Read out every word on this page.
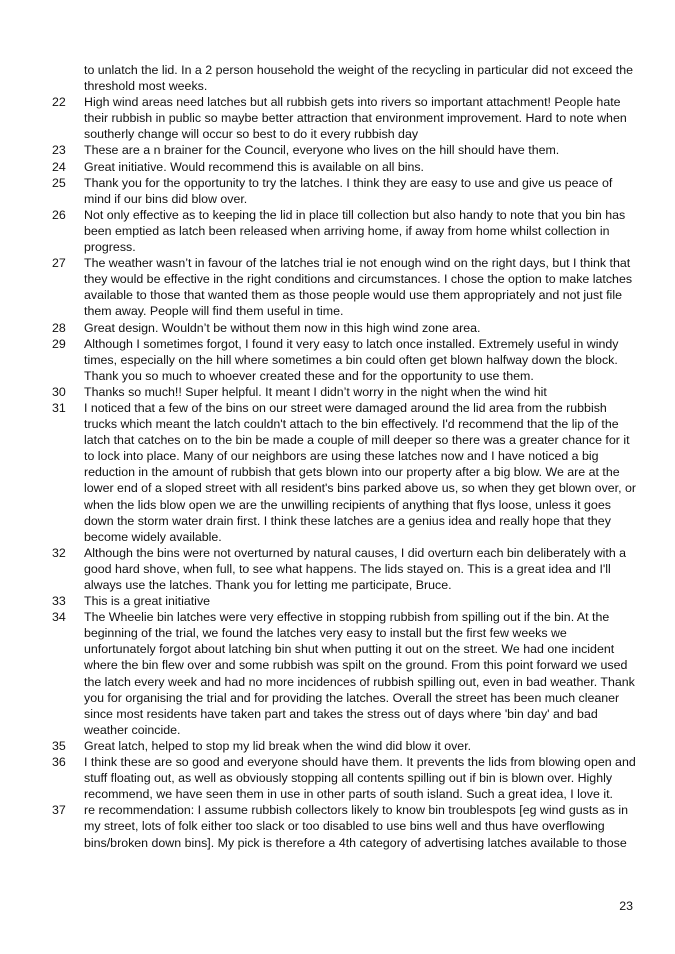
to unlatch the lid. In a 2 person household the weight of the recycling in particular did not exceed the threshold most weeks.
22	High wind areas need latches but all rubbish gets into rivers so important attachment! People hate their rubbish in public so maybe better attraction that environment improvement. Hard to note when southerly change will occur so best to do it every rubbish day
23	These are a n brainer for the Council, everyone who lives on the hill should have them.
24	Great initiative. Would recommend this is available on all bins.
25	Thank you for the opportunity to try the latches. I think they are easy to use and give us peace of mind if our bins did blow over.
26	Not only effective as to keeping the lid in place till collection but also handy to note that you bin has been emptied as latch been released when arriving home, if away from home whilst collection in progress.
27	The weather wasn’t in favour of the latches trial ie not enough wind on the right days, but I think that they would be effective in the right conditions and circumstances. I chose the option to make latches available to those that wanted them as those people would use them appropriately and not just file them away. People will find them useful in time.
28	Great design. Wouldn’t be without them now in this high wind zone area.
29	Although I sometimes forgot, I found it very easy to latch once installed. Extremely useful in windy times, especially on the hill where sometimes a bin could often get blown halfway down the block. Thank you so much to whoever created these and for the opportunity to use them.
30	Thanks so much!! Super helpful. It meant I didn’t worry in the night when the wind hit
31	I noticed that a few of the bins on our street were damaged around the lid area from the rubbish trucks which meant the latch couldn't attach to the bin effectively. I'd recommend that the lip of the latch that catches on to the bin be made a couple of mill deeper so there was a greater chance for it to lock into place. Many of our neighbors are using these latches now and I have noticed a big reduction in the amount of rubbish that gets blown into our property after a big blow. We are at the lower end of a sloped street with all resident's bins parked above us, so when they get blown over, or when the lids blow open we are the unwilling recipients of anything that flys loose, unless it goes down the storm water drain first. I think these latches are a genius idea and really hope that they become widely available.
32	Although the bins were not overturned by natural causes, I did overturn each bin deliberately with a good hard shove, when full, to see what happens. The lids stayed on. This is a great idea and I'll always use the latches. Thank you for letting me participate, Bruce.
33	This is a great initiative
34	The Wheelie bin latches were very effective in stopping rubbish from spilling out if the bin. At the beginning of the trial, we found the latches very easy to install but the first few weeks we unfortunately forgot about latching bin shut when putting it out on the street. We had one incident where the bin flew over and some rubbish was spilt on the ground. From this point forward we used the latch every week and had no more incidences of rubbish spilling out, even in bad weather. Thank you for organising the trial and for providing the latches. Overall the street has been much cleaner since most residents have taken part and takes the stress out of days where 'bin day' and bad weather coincide.
35	Great latch, helped to stop my lid break when the wind did blow it over.
36	I think these are so good and everyone should have them. It prevents the lids from blowing open and stuff floating out, as well as obviously stopping all contents spilling out if bin is blown over. Highly recommend, we have seen them in use in other parts of south island. Such a great idea, I love it.
37	re recommendation: I assume rubbish collectors likely to know bin troublespots [eg wind gusts as in my street, lots of folk either too slack or too disabled to use bins well and thus have overflowing bins/broken down bins]. My pick is therefore a 4th category of advertising latches available to those
23
